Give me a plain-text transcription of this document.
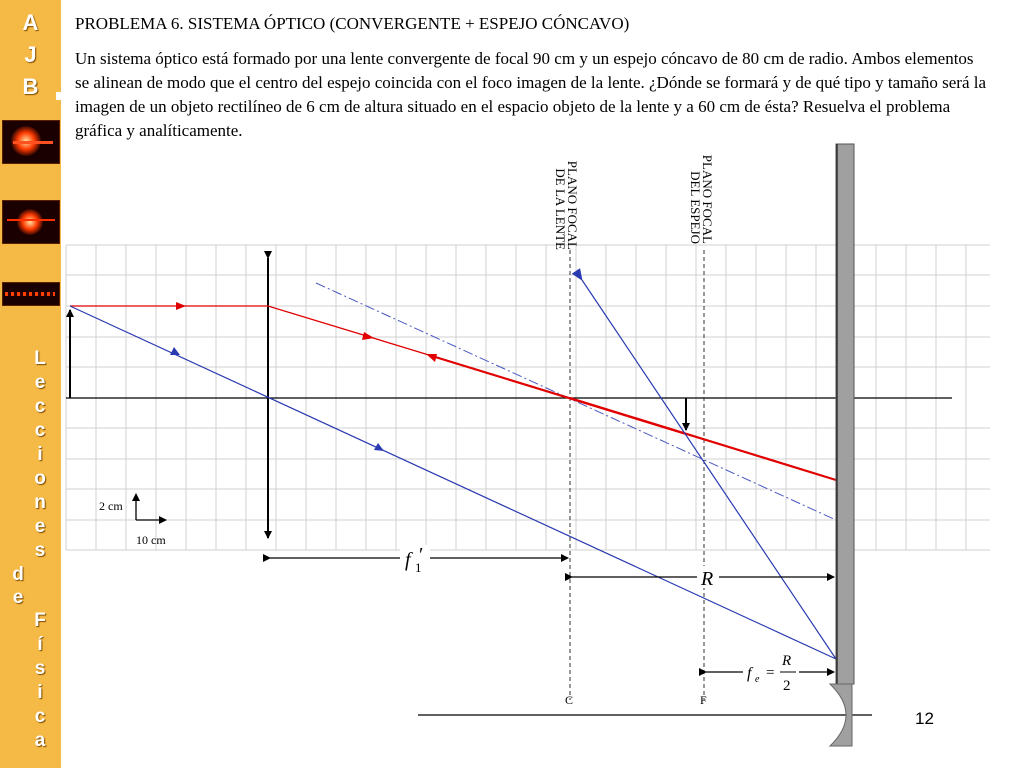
A
J
B
L
e
c
c
i
o
n
e
s
d
e
F
í
s
i
c
a
PROBLEMA 6. SISTEMA ÓPTICO (CONVERGENTE + ESPEJO CÓNCAVO)
Un sistema óptico está formado por una lente convergente de focal 90 cm y un espejo cóncavo de 80 cm de radio. Ambos elementos se alinean de modo que el centro del espejo coincida con el foco imagen de la lente. ¿Dónde se formará y de qué tipo y tamaño será la imagen de un objeto rectilíneo de 6 cm de altura situado en el espacio objeto de la lente y a 60 cm de ésta? Resuelva el problema gráfica y analíticamente.
PLANO FOCAL
DE LA LENTE	PLANO FOCAL
DEL ESPEJO
2 cm
10 cm
f 1
′
R
f e =
R
2
C	F
12
